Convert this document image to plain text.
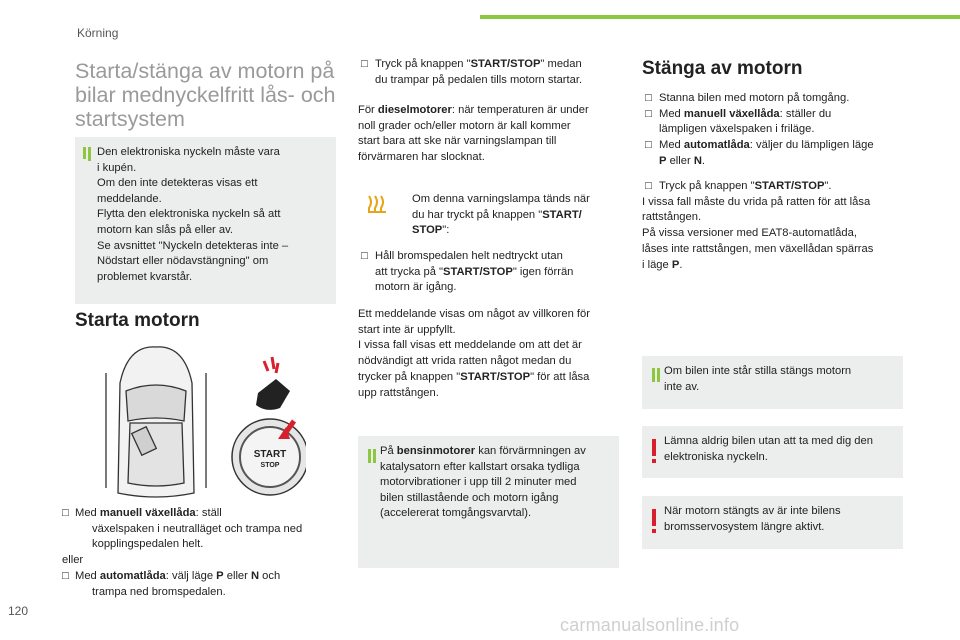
Körning
Starta/stänga av motorn på bilar mednyckelfritt lås- och startsystem
Den elektroniska nyckeln måste vara
i kupén.
Om den inte detekteras visas ett
meddelande.
Flytta den elektroniska nyckeln så att
motorn kan slås på eller av.
Se avsnittet "Nyckeln detekteras inte –
Nödstart eller nödavstängning" om
problemet kvarstår.
Starta motorn
START
STOP
□ Med manuell växellåda: ställ
växelspaken i neutralläget och trampa ned
kopplingspedalen helt.
eller
□ Med automatlåda: välj läge P eller N och
trampa ned bromspedalen.
□ Tryck på knappen "START/STOP" medan
du trampar på pedalen tills motorn startar.
För dieselmotorer: när temperaturen är under
noll grader och/eller motorn är kall kommer
start bara att ske när varningslampan till
förvärmaren har slocknat.
Om denna varningslampa tänds när
du har tryckt på knappen "START/
STOP":
□ Håll bromspedalen helt nedtryckt utan
att trycka på "START/STOP" igen förrän
motorn är igång.
Ett meddelande visas om något av villkoren för
start inte är uppfyllt.
I vissa fall visas ett meddelande om att det är
nödvändigt att vrida ratten något medan du
trycker på knappen "START/STOP" för att låsa
upp rattstången.
På bensinmotorer kan förvärmningen av
katalysatorn efter kallstart orsaka tydliga
motorvibrationer i upp till 2 minuter med
bilen stillastående och motorn igång
(accelererat tomgångsvarvtal).
Stänga av motorn
□ Stanna bilen med motorn på tomgång.
□ Med manuell växellåda: ställer du
lämpligen växelspaken i friläge.
□ Med automatlåda: väljer du lämpligen läge
P eller N.
□ Tryck på knappen "START/STOP".
I vissa fall måste du vrida på ratten för att låsa
rattstången.
På vissa versioner med EAT8-automatlåda,
låses inte rattstången, men växellådan spärras
i läge P.
Om bilen inte står stilla stängs motorn
inte av.
Lämna aldrig bilen utan att ta med dig den
elektroniska nyckeln.
När motorn stängts av är inte bilens
bromsservosystem längre aktivt.
120
carmanualsonline.info
